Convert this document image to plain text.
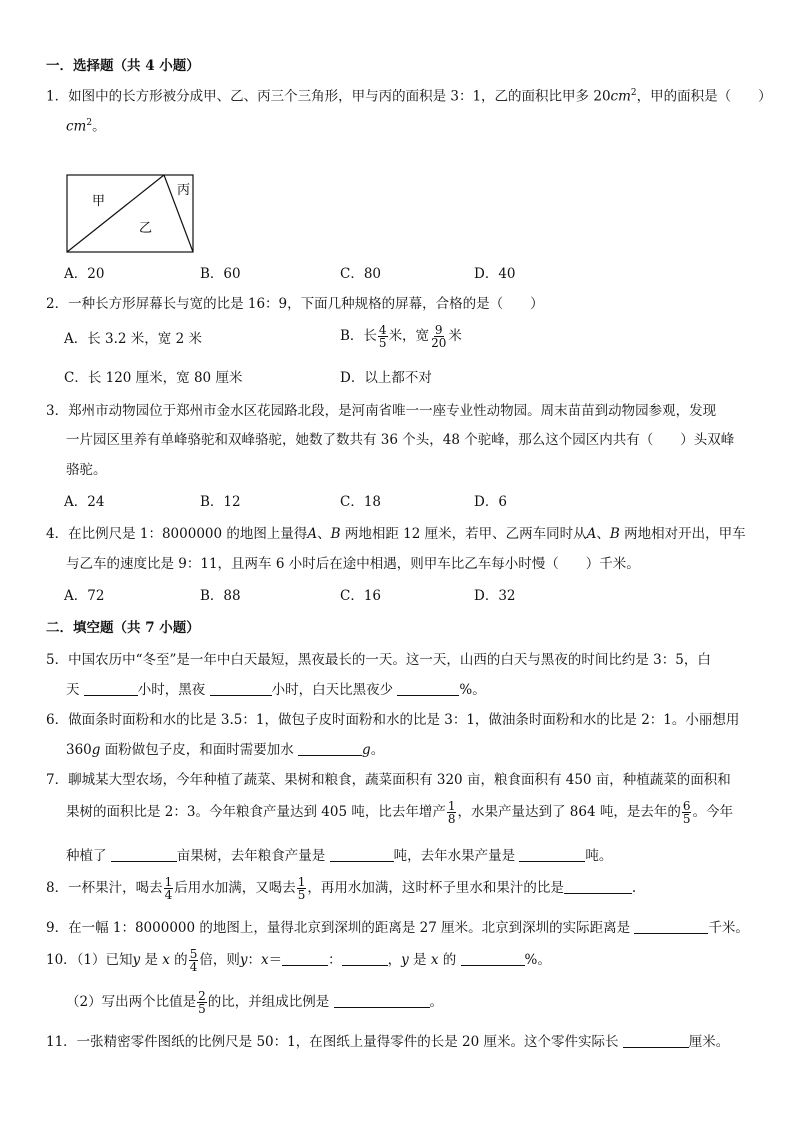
一．选择题（共 4 小题）
1．如图中的长方形被分成甲、乙、丙三个三角形，甲与丙的面积是 3：1，乙的面积比甲多 $20cm^2$，甲的面积是（　　）
$cm^2$。
甲
乙
丙
A．20	B．60	C．80	D．40
2．一种长方形屏幕长与宽的比是 16：9，下面几种规格的屏幕，合格的是（　　）
A．长 3.2 米，宽 2 米	B．长 $\frac{4}{5}$ 米，宽 $\frac{9}{20}$ 米
C．长 120 厘米，宽 80 厘米	D．以上都不对
3．郑州市动物园位于郑州市金水区花园路北段，是河南省唯一一座专业性动物园。周末苗苗到动物园参观，发现
一片园区里养有单峰骆驼和双峰骆驼，她数了数共有 36 个头，48 个驼峰，那么这个园区内共有（　　）头双峰
骆驼。
A．24	B．12	C．18	D．6
4．在比例尺是 1：8000000 的地图上量得A、B 两地相距 12 厘米，若甲、乙两车同时从A、B 两地相对开出，甲车
与乙车的速度比是 9：11，且两车 6 小时后在途中相遇，则甲车比乙车每小时慢（　　）千米。
A．72	B．88	C．16	D．32
二．填空题（共 7 小题）
5．中国农历中“冬至”是一年中白天最短，黑夜最长的一天。这一天，山西的白天与黑夜的时间比约是 3：5，白
天	小时，黑夜	小时，白天比黑夜少	%。
6．做面条时面粉和水的比是 3.5：1，做包子皮时面粉和水的比是 3：1，做油条时面粉和水的比是 2：1。小丽想用
360g 面粉做包子皮，和面时需要加水	g。
7．聊城某大型农场，今年种植了蔬菜、果树和粮食，蔬菜面积有 320 亩，粮食面积有 450 亩，种植蔬菜的面积和
果树的面积比是 2：3。今年粮食产量达到 405 吨，比去年增产 $\frac{1}{8}$ ，水果产量达到了 864 吨，是去年的 $\frac{6}{5}$ 。今年
种植了	亩果树，去年粮食产量是	吨，去年水果产量是	吨。
8．一杯果汁，喝去 $\frac{1}{4}$ 后用水加满，又喝去 $\frac{1}{5}$ ，再用水加满，这时杯子里水和果汁的比是	.
9．在一幅 1：8000000 的地图上，量得北京到深圳的距离是 27 厘米。北京到深圳的实际距离是	千米。
10．（1）已知y 是 x 的 $\frac{5}{4}$ 倍，则y：x＝	：	，y 是 x 的	%。
（2）写出两个比值是 $\frac{2}{5}$ 的比，并组成比例是	。
11．一张精密零件图纸的比例尺是 50：1，在图纸上量得零件的长是 20 厘米。这个零件实际长	厘米。
